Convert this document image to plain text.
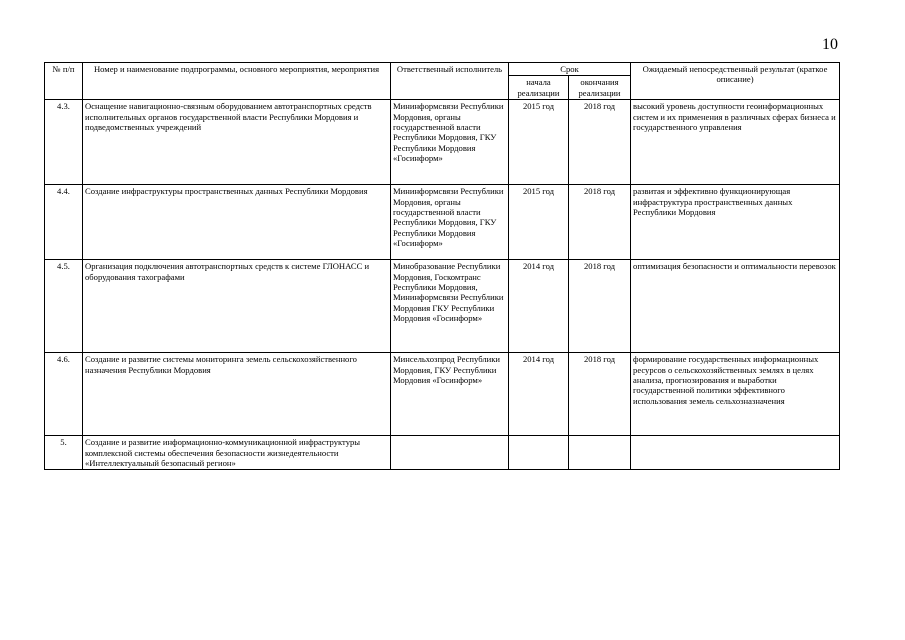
10
№ п/п	Номер и наименование подпрограммы, основного мероприятия, мероприятия	Ответственный исполнитель	Срок		Ожидаемый непосредственный результат (краткое описание)
			начала реализации	окончания реализации	
4.3.	Оснащение навигационно-связным оборудованием автотранспортных средств исполнительных органов государственной власти Республики Мордовия и подведомственных учреждений	Мининформсвязи Республики Мордовия, органы государственной власти Республики Мордовия, ГКУ Республики Мордовия «Госинформ»	2015 год	2018 год	высокий уровень доступности геоинформационных систем и их применения в различных сферах бизнеса и государственного управления
4.4.	Создание инфраструктуры пространственных данных Республики Мордовия	Мининформсвязи Республики Мордовия, органы государственной власти Республики Мордовия, ГКУ Республики Мордовия «Госинформ»	2015 год	2018 год	развитая и эффективно функционирующая инфраструктура пространственных данных Республики Мордовия
4.5.	Организация подключения автотранспортных средств к системе ГЛОНАСС и оборудования тахографами	Минобразование Республики Мордовия, Госкомтранс Республики Мордовия, Мининформсвязи Республики Мордовия ГКУ Республики Мордовия «Госинформ»	2014 год	2018 год	оптимизация безопасности и оптимальности перевозок
4.6.	Создание и развитие системы мониторинга земель сельскохозяйственного назначения Республики Мордовия	Минсельхозпрод Республики Мордовия, ГКУ Республики Мордовия «Госинформ»	2014 год	2018 год	формирование государственных информационных ресурсов о сельскохозяйственных землях в целях анализа, прогнозирования и выработки государственной политики эффективного использования земель сельхозназначения
5.	Создание и развитие информационно-коммуникационной инфраструктуры комплексной системы обеспечения безопасности жизнедеятельности «Интеллектуальный безопасный регион»				
